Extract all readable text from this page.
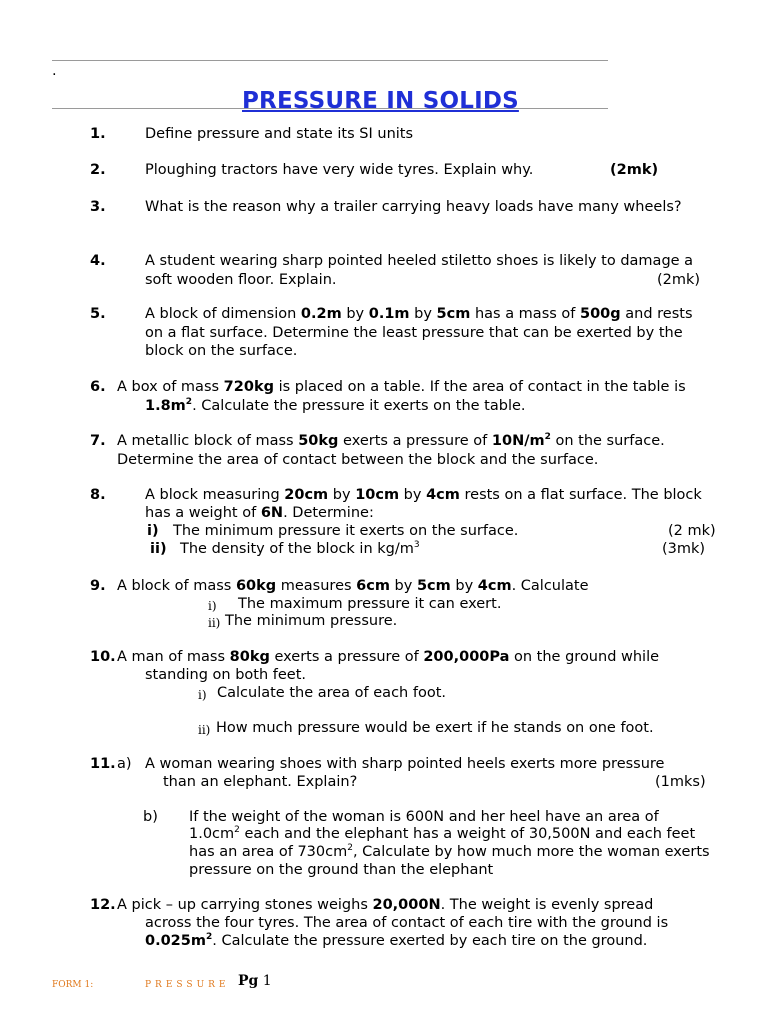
.
PRESSURE IN SOLIDS
1.	Define pressure and state its SI units
2.	Ploughing tractors have very wide tyres. Explain why.	(2mk)
3.	What is the reason why a trailer carrying heavy loads have many wheels?
4.	A student wearing sharp pointed heeled stiletto shoes is likely to damage a
soft wooden floor. Explain.	(2mk)
5.	A block of dimension 0.2m by 0.1m by 5cm has a mass of 500g and rests
on a flat surface. Determine the least pressure that can be exerted by the
block on the surface.
6. A box of mass 720kg is placed on a table. If the area of contact in the table is
$1.8m^2$. Calculate the pressure it exerts on the table.
7. A metallic block of mass 50kg exerts a pressure of $10N/m^2$ on the surface.
Determine the area of contact between the block and the surface.
8.	A block measuring 20cm by 10cm by 4cm rests on a flat surface. The block
has a weight of 6N. Determine:
i) The minimum pressure it exerts on the surface.	(2 mk)
ii) The density of the block in $kg/m^3$	(3mk)
9. A block of mass 60kg measures 6cm by 5cm by 4cm. Calculate
i) The maximum pressure it can exert.
ii) The minimum pressure.
10. A man of mass 80kg exerts a pressure of 200,000Pa on the ground while
standing on both feet.
i) Calculate the area of each foot.
ii) How much pressure would be exert if he stands on one foot.
11. a) A woman wearing shoes with sharp pointed heels exerts more pressure
than an elephant. Explain?	(1mks)
b) If the weight of the woman is 600N and her heel have an area of
$1.0cm^2$ each and the elephant has a weight of 30,500N and each feet
has an area of $730cm^2$, Calculate by how much more the woman exerts
pressure on the ground than the elephant
12. A pick – up carrying stones weighs 20,000N. The weight is evenly spread
across the four tyres. The area of contact of each tire with the ground is
$0.025m^2$. Calculate the pressure exerted by each tire on the ground.
FORM 1:	PRESSURE Pg 1
